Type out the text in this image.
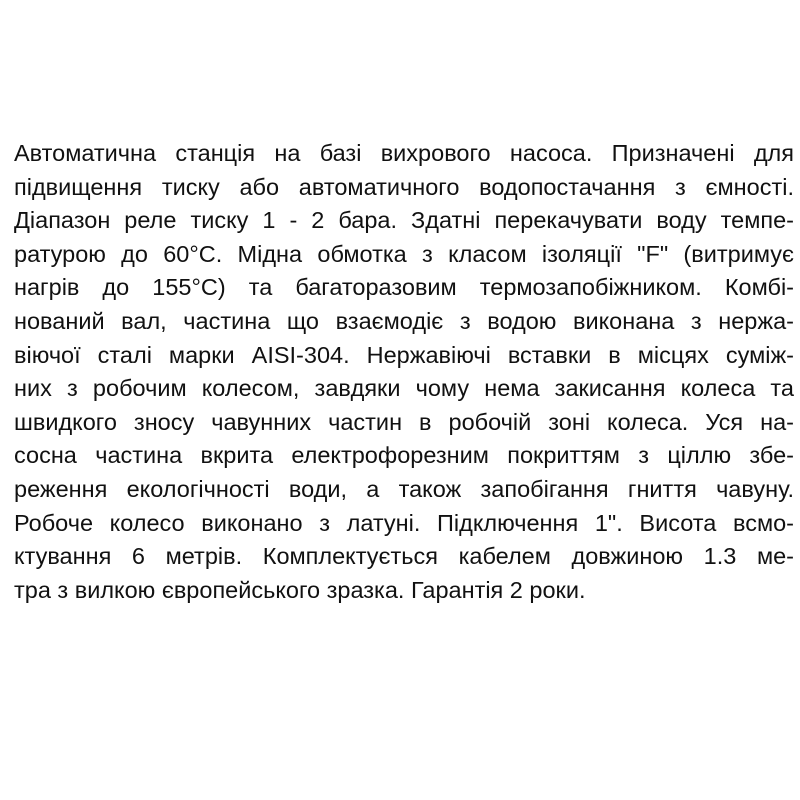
Автоматична станція на базі вихрового насоса. Призначені для
підвищення тиску або автоматичного водопостачання з ємності.
Діапазон реле тиску 1 - 2 бара. Здатні перекачувати воду темпе-
ратурою до 60°C. Мідна обмотка з класом ізоляції "F" (витримує
нагрів до 155°С) та багаторазовим термозапобіжником. Комбі-
нований вал, частина що взаємодіє з водою виконана з нержа-
віючої сталі марки AISI-304. Нержавіючі вставки в місцях сумiж-
них з робочим колесом, завдяки чому нема закисання колеса та
швидкого зносу чавунних частин в робочій зоні колеса. Уся на-
сосна частина вкрита електрофорезним покриттям з ціллю збе-
реження екологічності води, а також запобігання гниття чавуну.
Робоче колесо виконано з латуні. Підключення 1". Висота всмо-
ктування 6 метрів. Комплектується кабелем довжиною 1.3 ме-
тра з вилкою європейського зразка. Гарантія 2 роки.
